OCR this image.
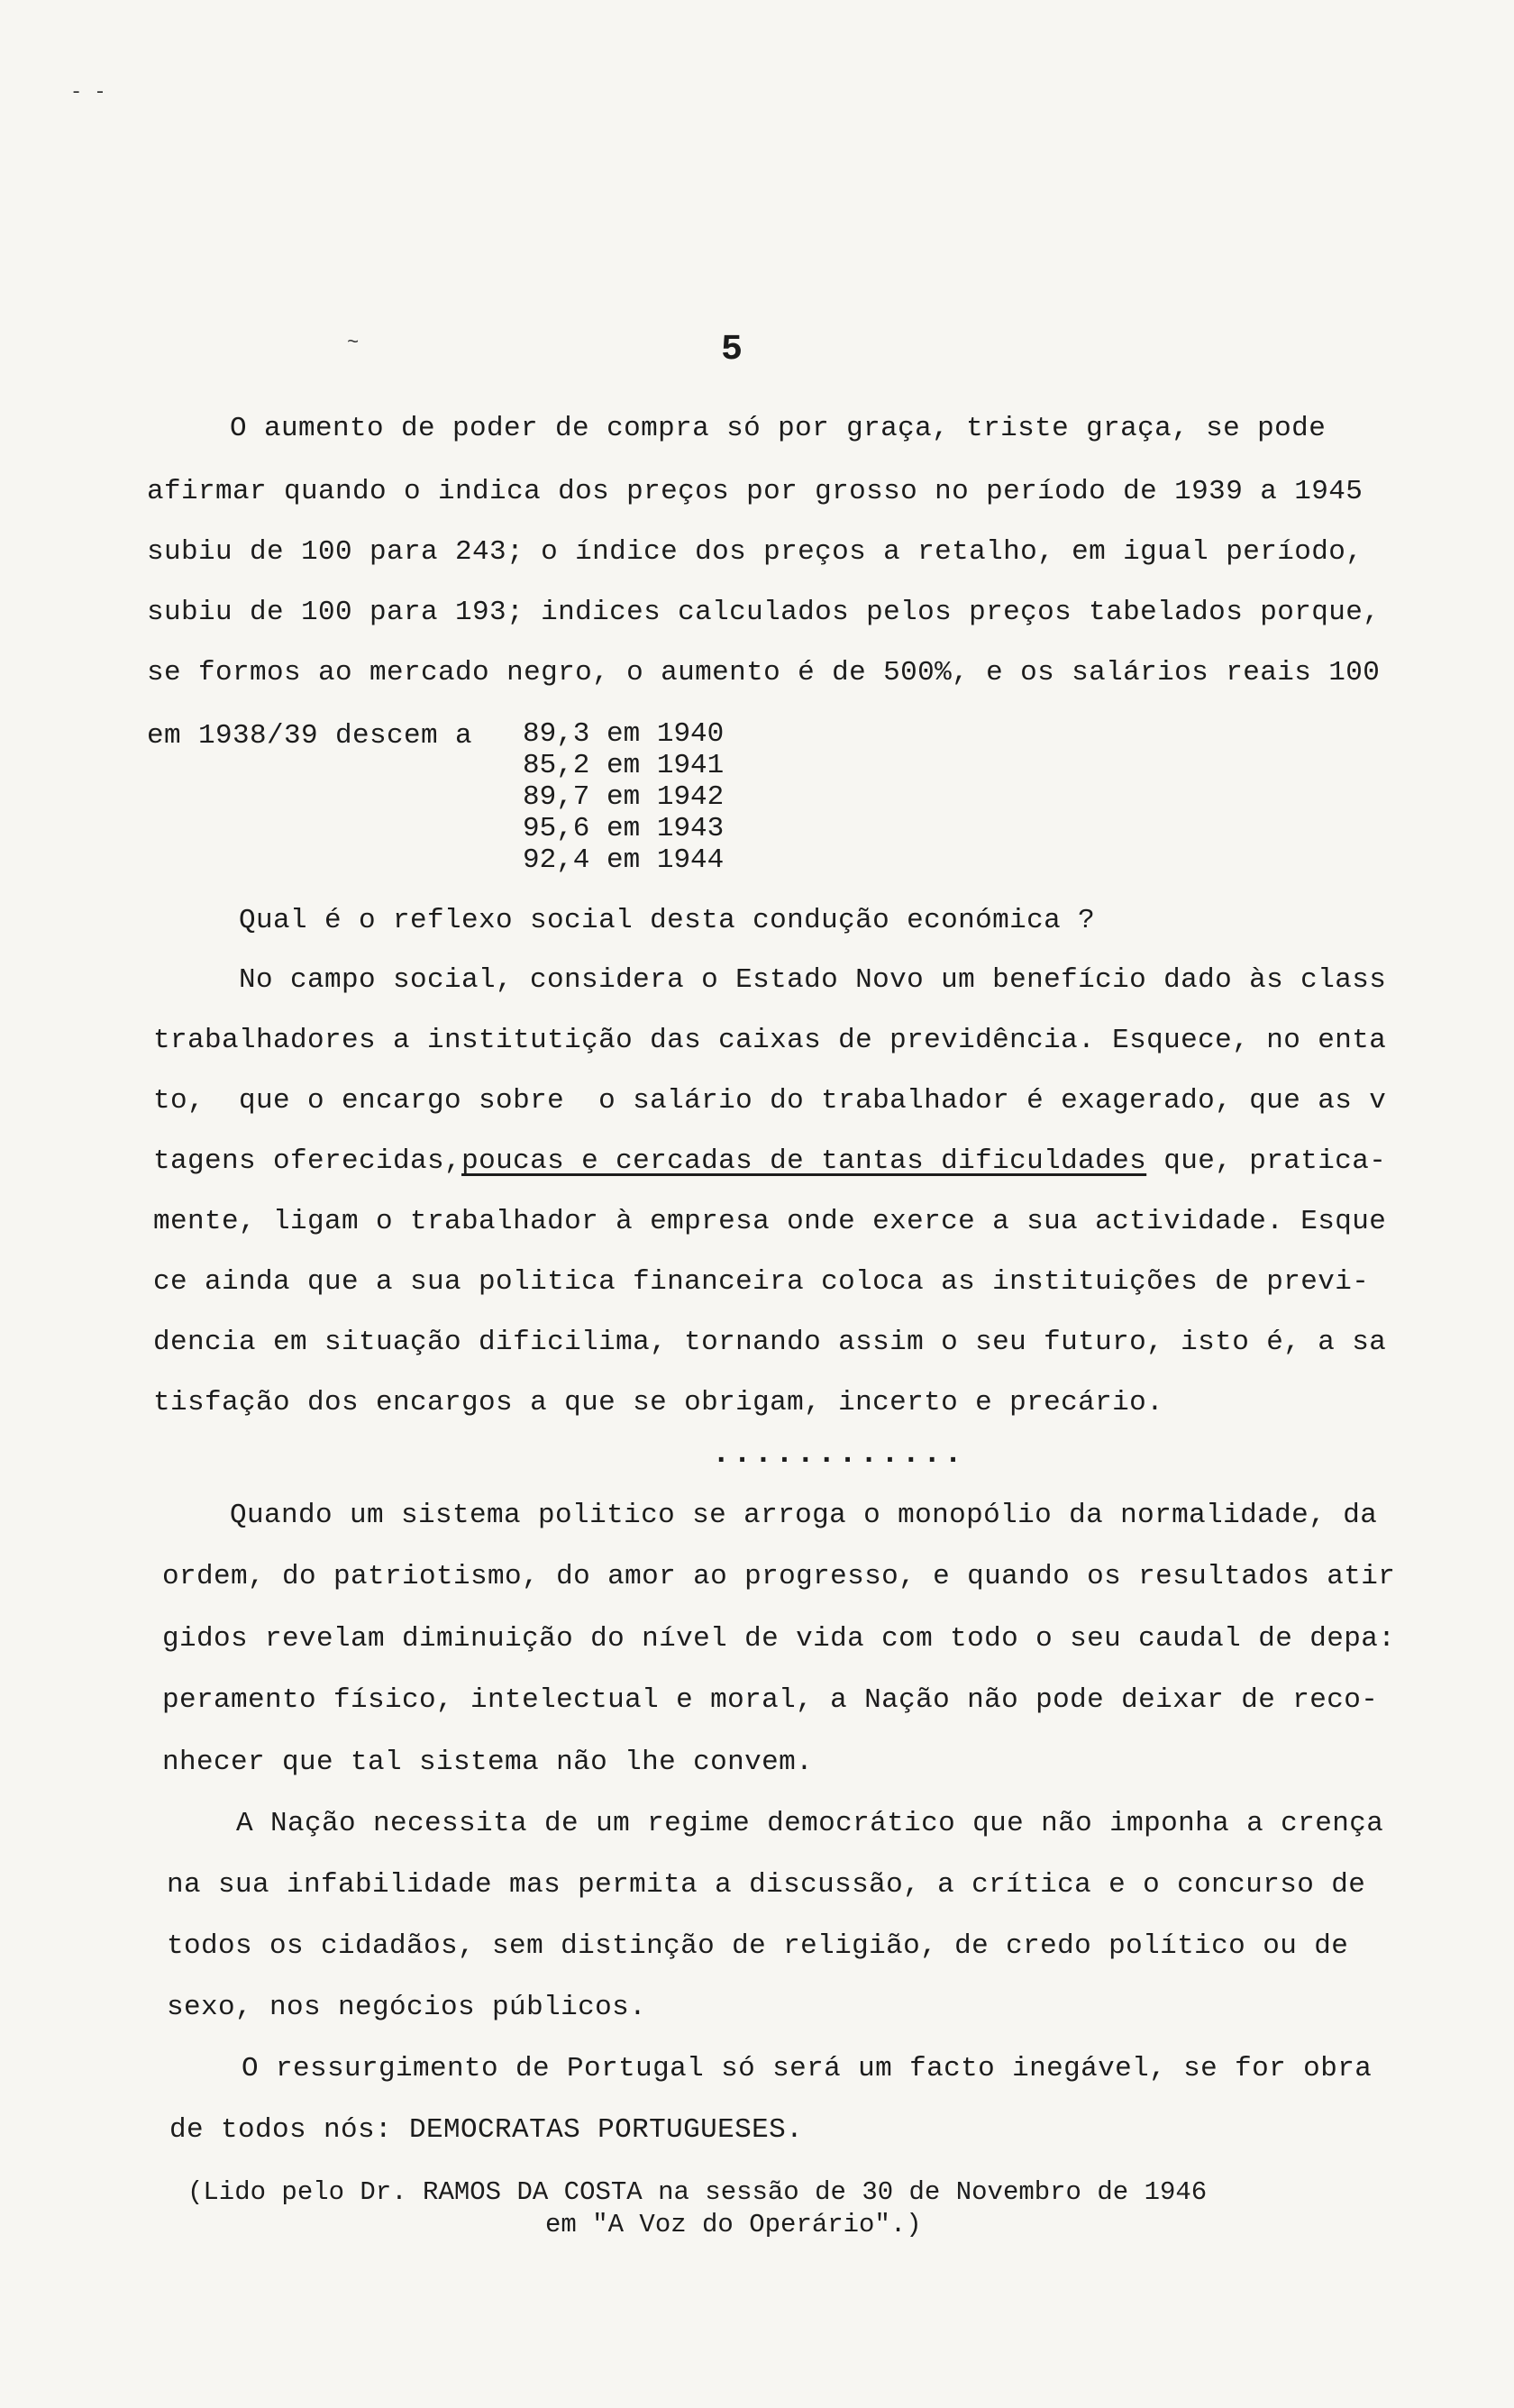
- -
~	5
O aumento de poder de compra só por graça, triste graça, se pode
afirmar quando o indica dos preços por grosso no período de 1939 a 1945
subiu de 100 para 243; o índice dos preços a retalho, em igual período,
subiu de 100 para 193; indices calculados pelos preços tabelados porque,
se formos ao mercado negro, o aumento é de 500%, e os salários reais 100
em 1938/39 descem a 89,3 em 1940
85,2 em 1941
89,7 em 1942
95,6 em 1943
92,4 em 1944
Qual é o reflexo social desta condução económica ?
No campo social, considera o Estado Novo um benefício dado às class
trabalhadores a institutição das caixas de previdência. Esquece, no enta
to,  que o encargo sobre  o salário do trabalhador é exagerado, que as v
tagens oferecidas,poucas e cercadas de tantas dificuldades que, pratica-
mente, ligam o trabalhador à empresa onde exerce a sua actividade. Esque
ce ainda que a sua politica financeira coloca as instituições de previ-
dencia em situação dificilima, tornando assim o seu futuro, isto é, a sa
tisfação dos encargos a que se obrigam, incerto e precário.
............
Quando um sistema politico se arroga o monopólio da normalidade, da
ordem, do patriotismo, do amor ao progresso, e quando os resultados atir
gidos revelam diminuição do nível de vida com todo o seu caudal de depa:
peramento físico, intelectual e moral, a Nação não pode deixar de reco-
nhecer que tal sistema não lhe convem.
A Nação necessita de um regime democrático que não imponha a crença
na sua infabilidade mas permita a discussão, a crítica e o concurso de
todos os cidadãos, sem distinção de religião, de credo político ou de
sexo, nos negócios públicos.
O ressurgimento de Portugal só será um facto inegável, se for obra
de todos nós: DEMOCRATAS PORTUGUESES.
(Lido pelo Dr. RAMOS DA COSTA na sessão de 30 de Novembro de 1946
em "A Voz do Operário".)
